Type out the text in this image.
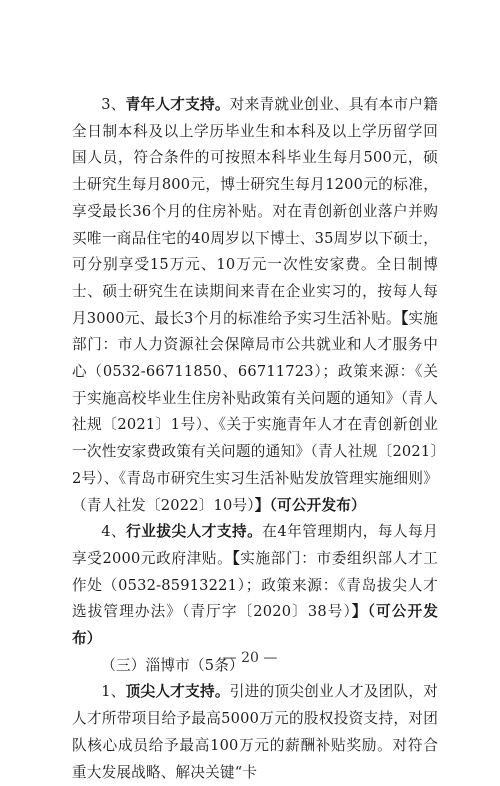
3、青年人才支持。对来青就业创业、具有本市户籍全日制本科及以上学历毕业生和本科及以上学历留学回国人员，符合条件的可按照本科毕业生每月500元，硕士研究生每月800元，博士研究生每月1200元的标准，享受最长36个月的住房补贴。对在青创新创业落户并购买唯一商品住宅的40周岁以下博士、35周岁以下硕士，可分别享受15万元、10万元一次性安家费。全日制博士、硕士研究生在读期间来青在企业实习的，按每人每月3000元、最长3个月的标准给予实习生活补贴。【实施部门：市人力资源社会保障局市公共就业和人才服务中心（0532-66711850、66711723）；政策来源：《关于实施高校毕业生住房补贴政策有关问题的通知》（青人社规〔2021〕1号）、《关于实施青年人才在青创新创业一次性安家费政策有关问题的通知》（青人社规〔2021〕2号）、《青岛市研究生实习生活补贴发放管理实施细则》（青人社发〔2022〕10号）】（可公开发布）

4、行业拔尖人才支持。在4年管理期内，每人每月享受2000元政府津贴。【实施部门：市委组织部人才工作处（0532-85913221）；政策来源：《青岛拔尖人才选拔管理办法》（青厅字〔2020〕38号）】（可公开发布）

（三）淄博市（5条）

1、顶尖人才支持。引进的顶尖创业人才及团队，对人才所带项目给予最高5000万元的股权投资支持，对团队核心成员给予最高100万元的薪酬补贴奖励。对符合重大发展战略、解决关键“卡

— 20 —
